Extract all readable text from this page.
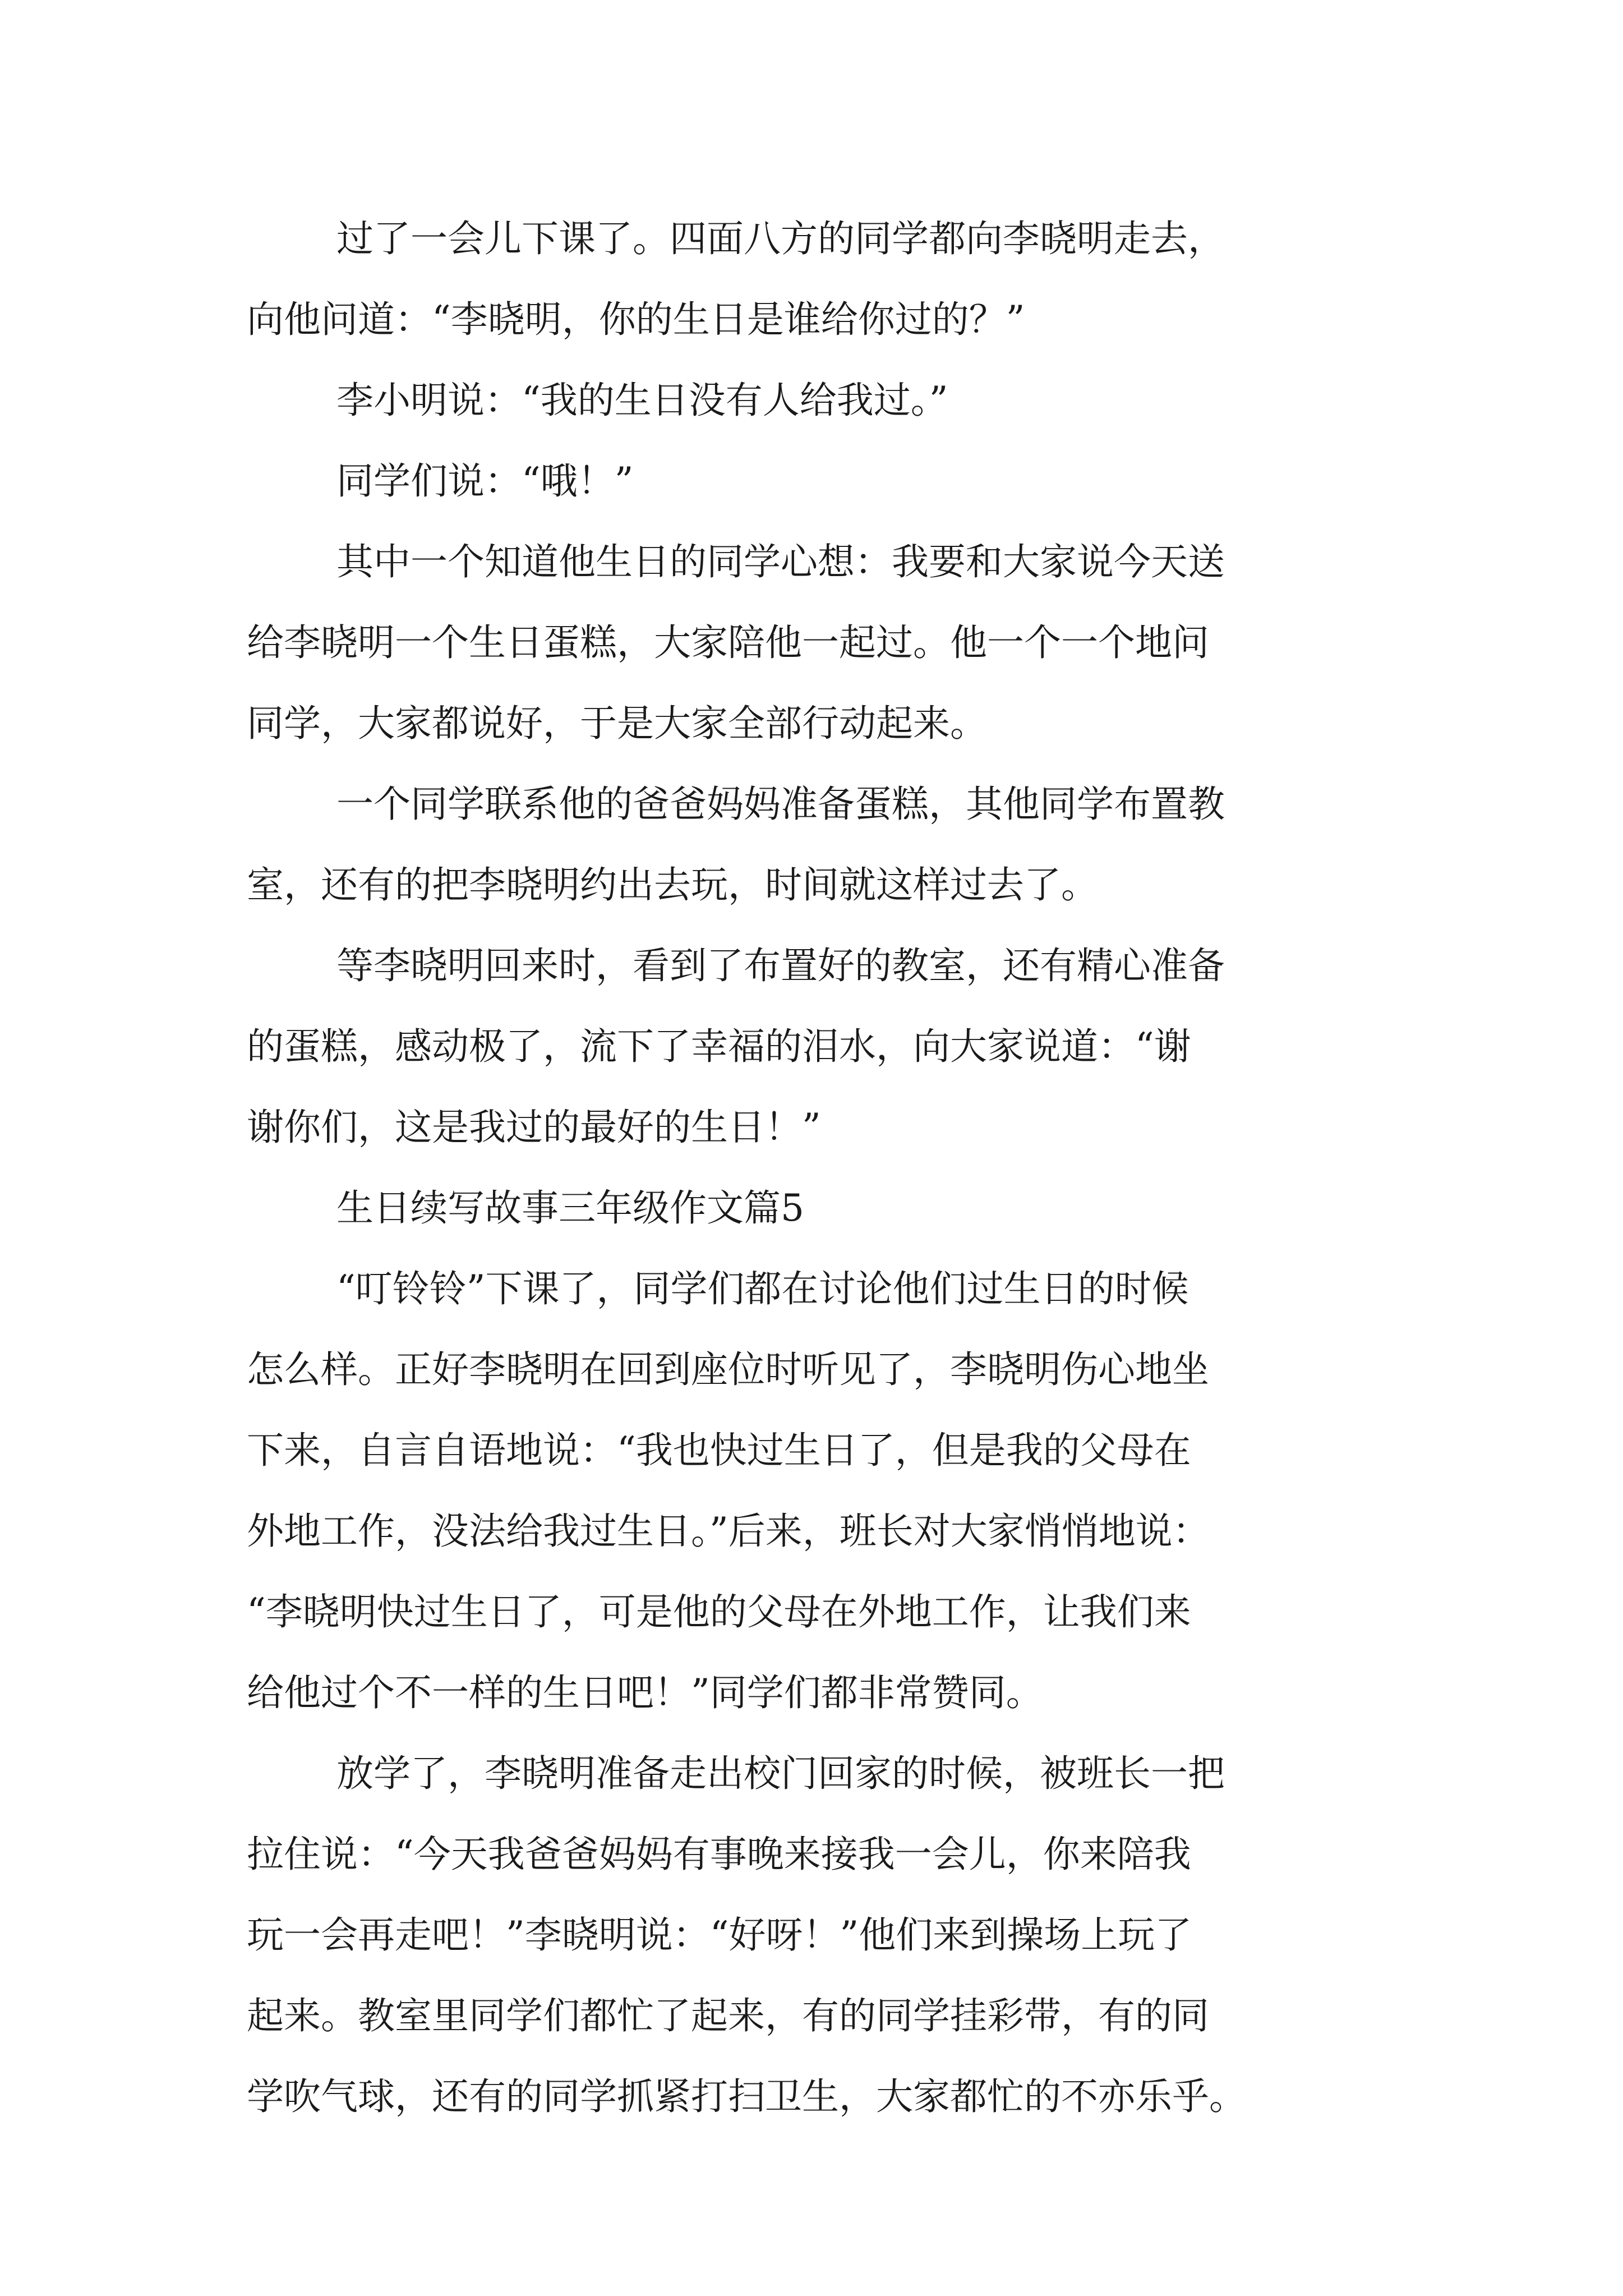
过了一会儿下课了。四面八方的同学都向李晓明走去，

向他问道：“李晓明，你的生日是谁给你过的？”

李小明说：“我的生日没有人给我过。”

同学们说：“哦！”

其中一个知道他生日的同学心想：我要和大家说今天送

给李晓明一个生日蛋糕，大家陪他一起过。他一个一个地问

同学，大家都说好，于是大家全部行动起来。

一个同学联系他的爸爸妈妈准备蛋糕，其他同学布置教

室，还有的把李晓明约出去玩，时间就这样过去了。

等李晓明回来时，看到了布置好的教室，还有精心准备

的蛋糕，感动极了，流下了幸福的泪水，向大家说道：“谢

谢你们，这是我过的最好的生日！”

生日续写故事三年级作文篇5

“叮铃铃”下课了，同学们都在讨论他们过生日的时候

怎么样。正好李晓明在回到座位时听见了，李晓明伤心地坐

下来，自言自语地说：“我也快过生日了，但是我的父母在

外地工作，没法给我过生日。”后来，班长对大家悄悄地说：

“李晓明快过生日了，可是他的父母在外地工作，让我们来

给他过个不一样的生日吧！”同学们都非常赞同。

放学了，李晓明准备走出校门回家的时候，被班长一把

拉住说：“今天我爸爸妈妈有事晚来接我一会儿，你来陪我

玩一会再走吧！”李晓明说：“好呀！”他们来到操场上玩了

起来。教室里同学们都忙了起来，有的同学挂彩带，有的同

学吹气球，还有的同学抓紧打扫卫生，大家都忙的不亦乐乎。
